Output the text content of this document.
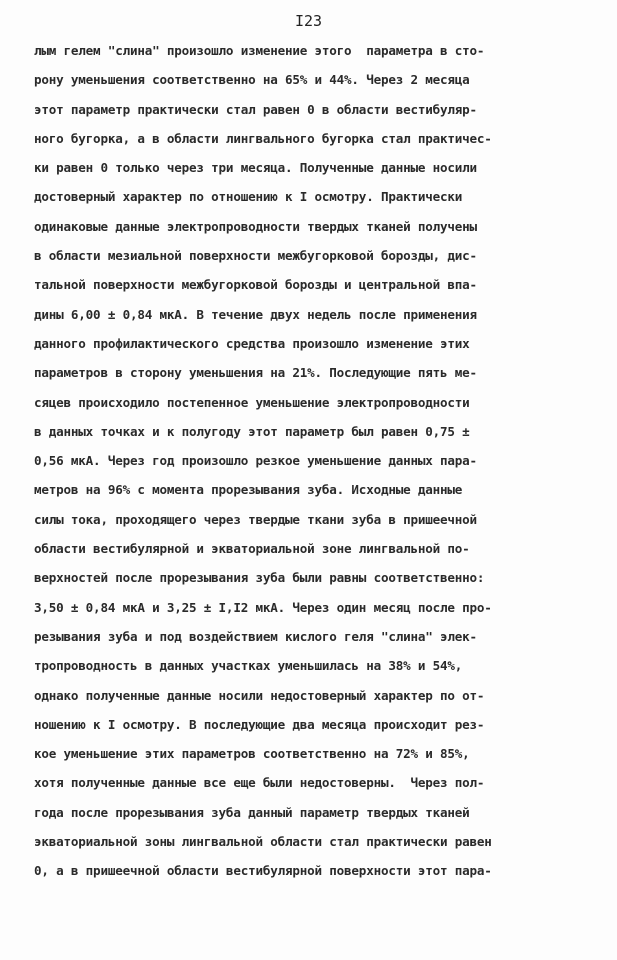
I23
лым гелем "слина" произошло изменение этого  параметра в сто-
рону уменьшения соответственно на 65% и 44%. Через 2 месяца
этот параметр практически стал равен 0 в области вестибуляр-
ного бугорка, а в области лингвального бугорка стал практичес-
ки равен 0 только через три месяца. Полученные данные носили
достоверный характер по отношению к I осмотру. Практически
одинаковые данные электропроводности твердых тканей получены
в области мезиальной поверхности межбугорковой борозды, дис-
тальной поверхности межбугорковой борозды и центральной впа-
дины 6,00 ± 0,84 мкА. В течение двух недель после применения
данного профилактического средства произошло изменение этих
параметров в сторону уменьшения на 21%. Последующие пять ме-
сяцев происходило постепенное уменьшение электропроводности
в данных точках и к полугоду этот параметр был равен 0,75 ±
0,56 мкА. Через год произошло резкое уменьшение данных пара-
метров на 96% с момента прорезывания зуба. Исходные данные
силы тока, проходящего через твердые ткани зуба в пришеечной
области вестибулярной и экваториальной зоне лингвальной по-
верхностей после прорезывания зуба были равны соответственно:
3,50 ± 0,84 мкА и 3,25 ± I,I2 мкА. Через один месяц после про-
резывания зуба и под воздействием кислого геля "слина" элек-
тропроводность в данных участках уменьшилась на 38% и 54%,
однако полученные данные носили недостоверный характер по от-
ношению к I осмотру. В последующие два месяца происходит рез-
кое уменьшение этих параметров соответственно на 72% и 85%,
хотя полученные данные все еще были недостоверны.  Через пол-
года после прорезывания зуба данный параметр твердых тканей
экваториальной зоны лингвальной области стал практически равен
0, а в пришеечной области вестибулярной поверхности этот пара-
